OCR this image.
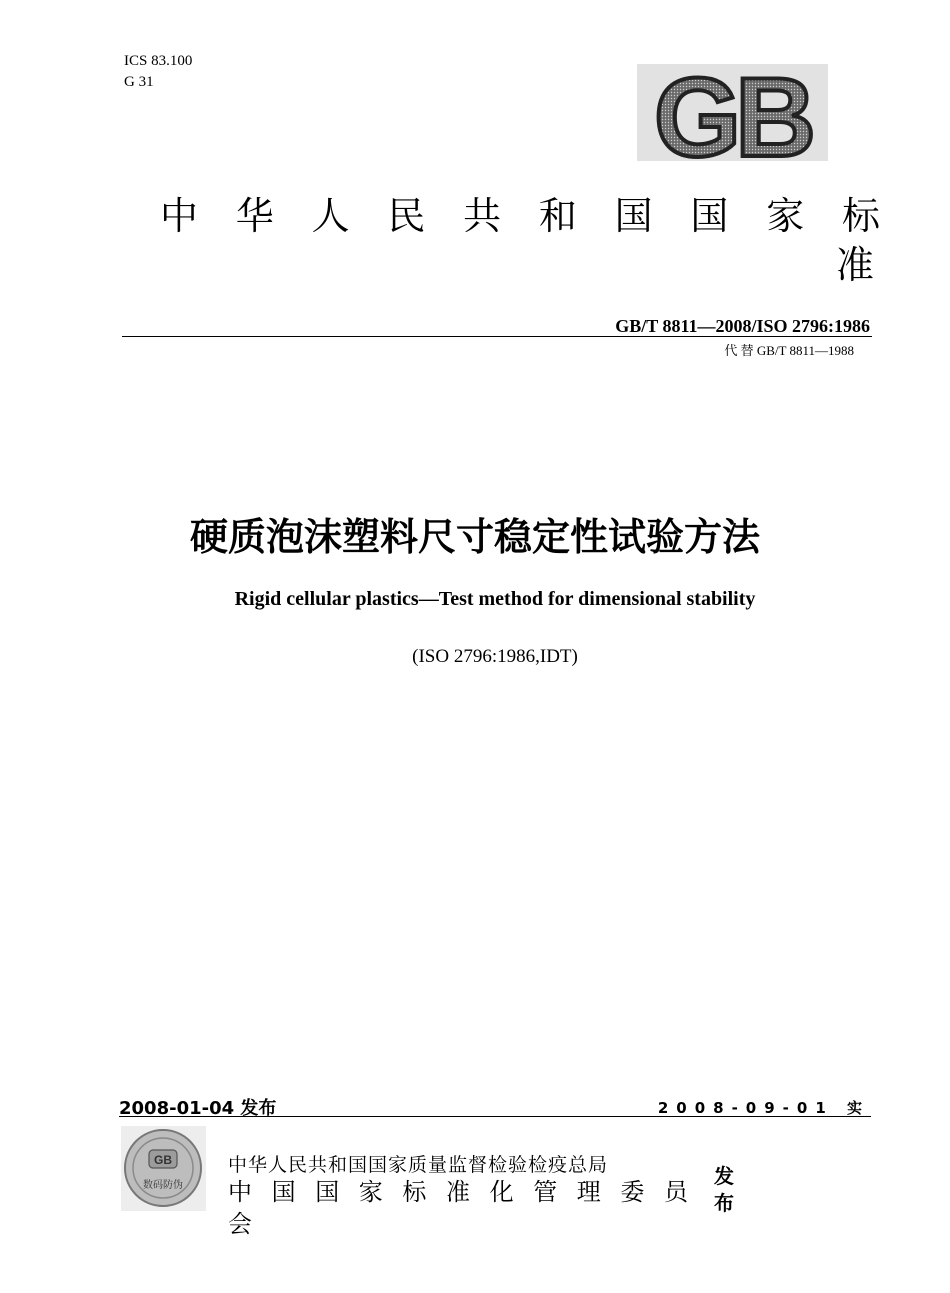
ICS 83.100
G 31	GB
中华人民共和国国家标
准
GB/T 8811—2008/ISO 2796:1986
代 替 GB/T 8811—1988
硬质泡沫塑料尺寸稳定性试验方法
Rigid cellular plastics—Test method for dimensional stability
(ISO 2796:1986,IDT)
2008-01-04 发布	2008-09-01 实
GB
数码防伪
中华人民共和国国家质量监督检验检疫总局
中国国家标准化管理委员
会
发布
